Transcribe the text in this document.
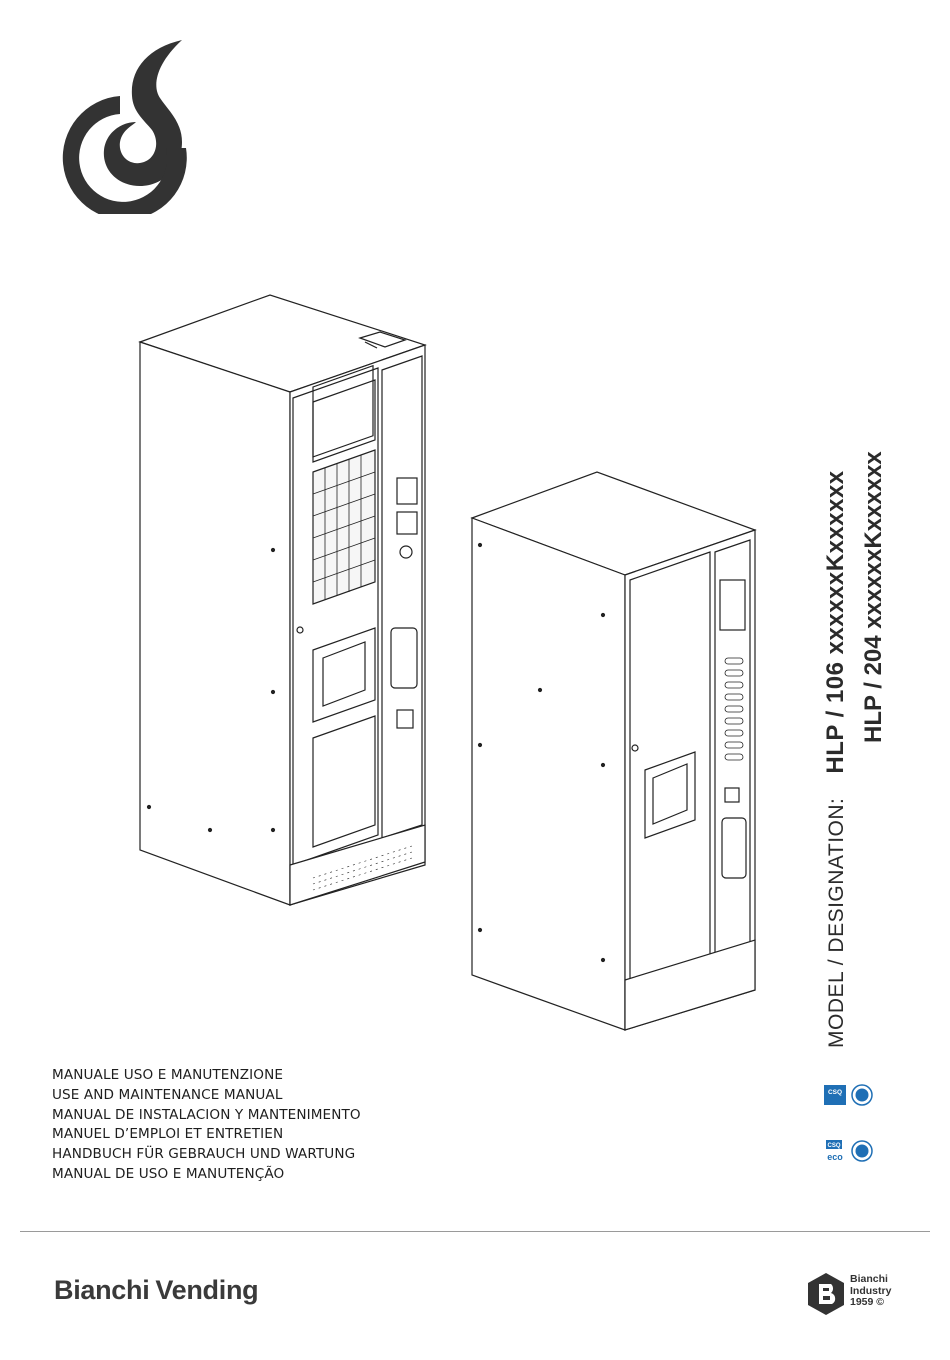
MODEL / DESIGNATION:HLP / 106 xxxxxxKxxxxxx HLP / 204 xxxxxxKxxxxxx
MANUALE USO E MANUTENZIONE
USE AND MAINTENANCE MANUAL
MANUAL DE INSTALACION Y MANTENIMENTO
MANUEL D’EMPLOI ET ENTRETIEN
HANDBUCH FÜR GEBRAUCH UND WARTUNG
MANUAL DE USO E MANUTENÇÃO
CSQ
CSQ
eco
Bianchi Vending	Bianchi
Industry
1959 ©
